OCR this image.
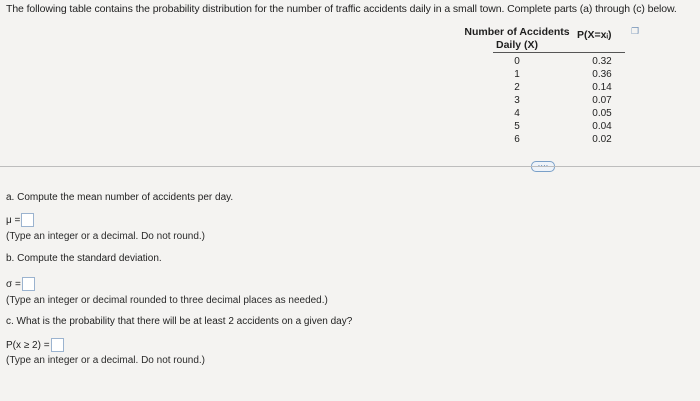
The following table contains the probability distribution for the number of traffic accidents daily in a small town. Complete parts (a) through (c) below.
Number of Accidents Daily (X)
P(X=xᵢ) ❐
0
1
2
3
4
5
6
0.32
0.36
0.14
0.07
0.05
0.04
0.02
a. Compute the mean number of accidents per day.
μ =
(Type an integer or a decimal. Do not round.)
b. Compute the standard deviation.
σ =
(Type an integer or decimal rounded to three decimal places as needed.)
c. What is the probability that there will be at least 2 accidents on a given day?
P(x ≥ 2) =
(Type an integer or a decimal. Do not round.)
